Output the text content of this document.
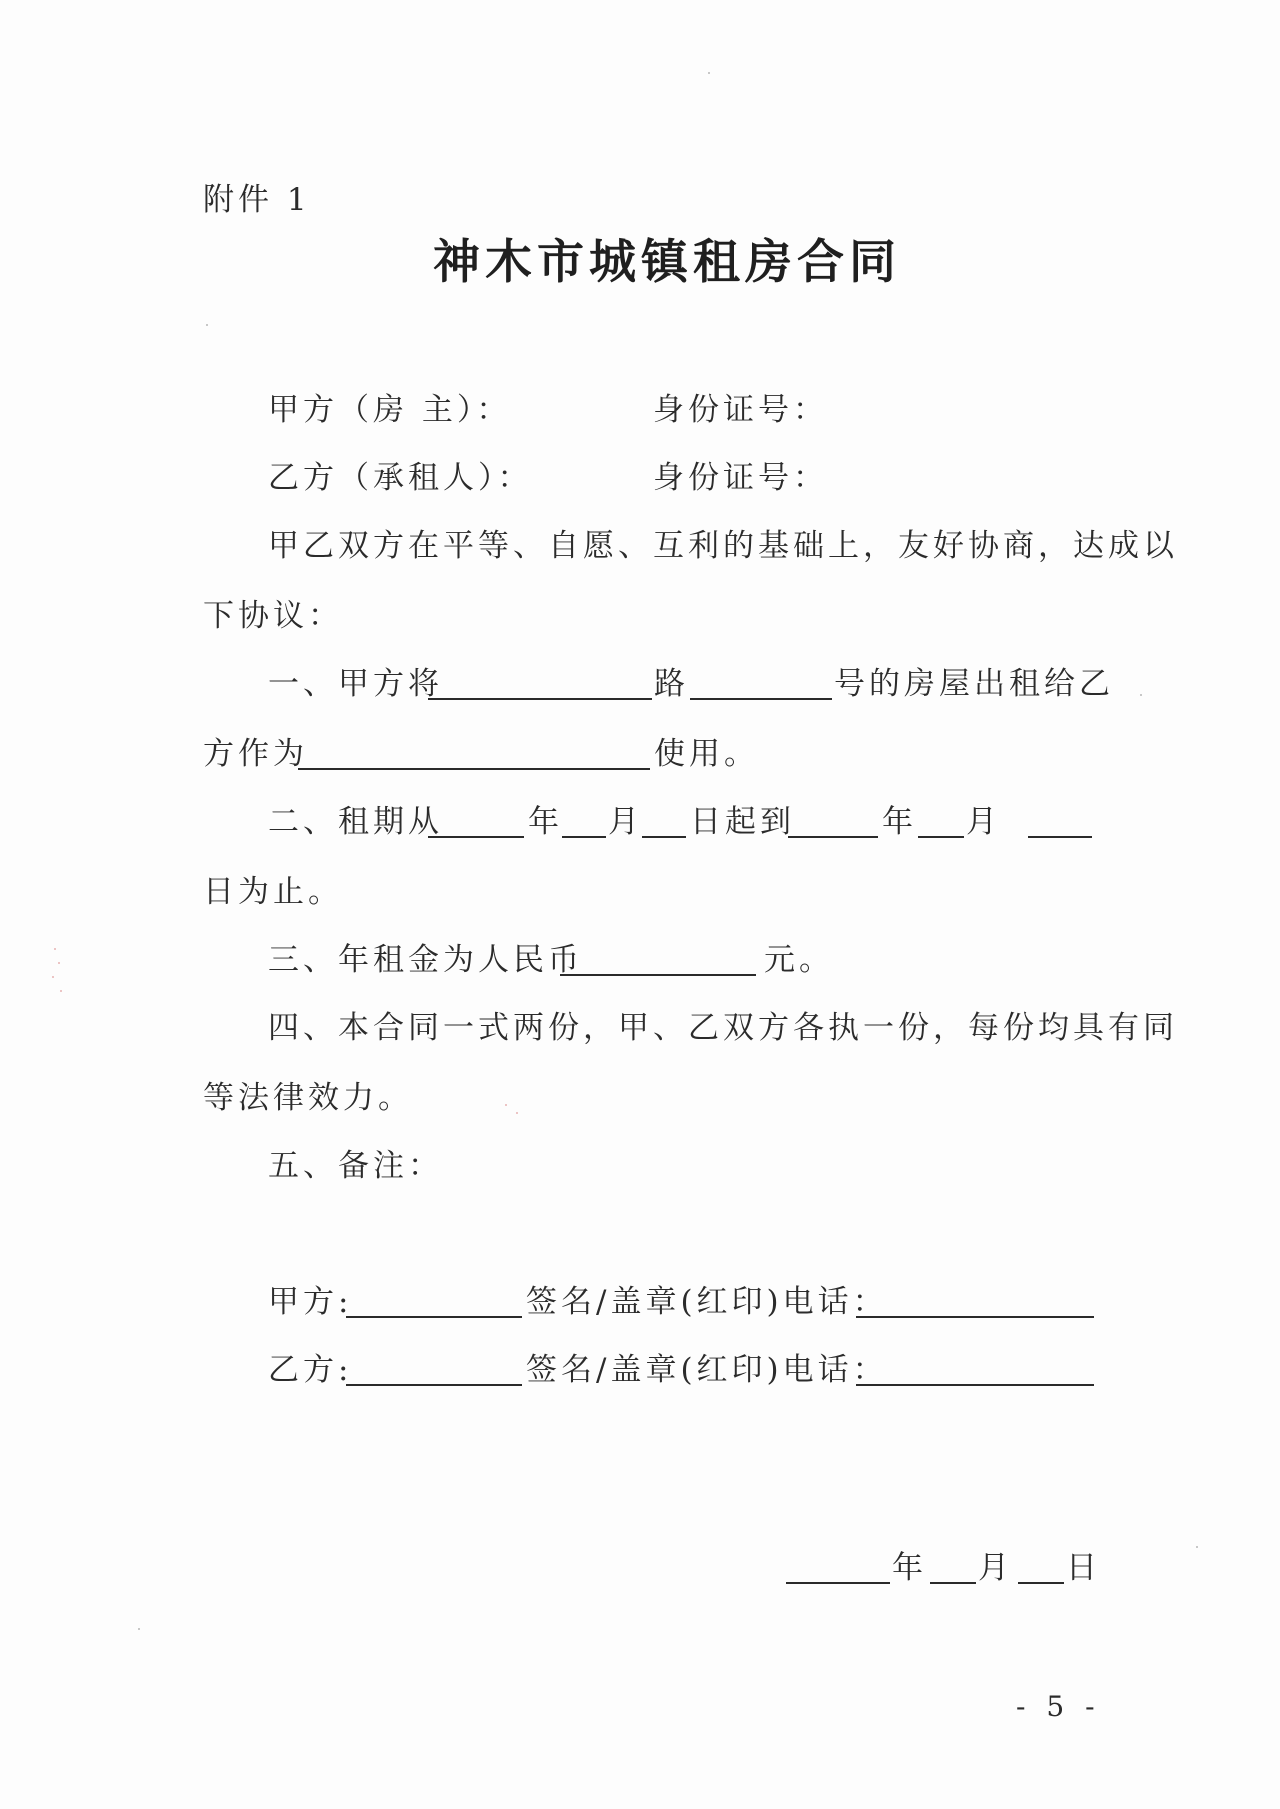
附件 1
神木市城镇租房合同
甲方（房 主）：	身份证号：
乙方（承租人）：	身份证号：
甲乙双方在平等、自愿、互利的基础上，友好协商，达成以
下协议：
一、甲方将	路	号的房屋出租给乙
方作为	使用。
二、租期从	年 月 日起到	年 月
日为止。
三、年租金为人民币	元。
四、本合同一式两份，甲、乙双方各执一份，每份均具有同
等法律效力。
五、备注：
甲方:	签名/盖章(红印)电话：
乙方:	签名/盖章(红印)电话：
年 月 日
- 5 -
